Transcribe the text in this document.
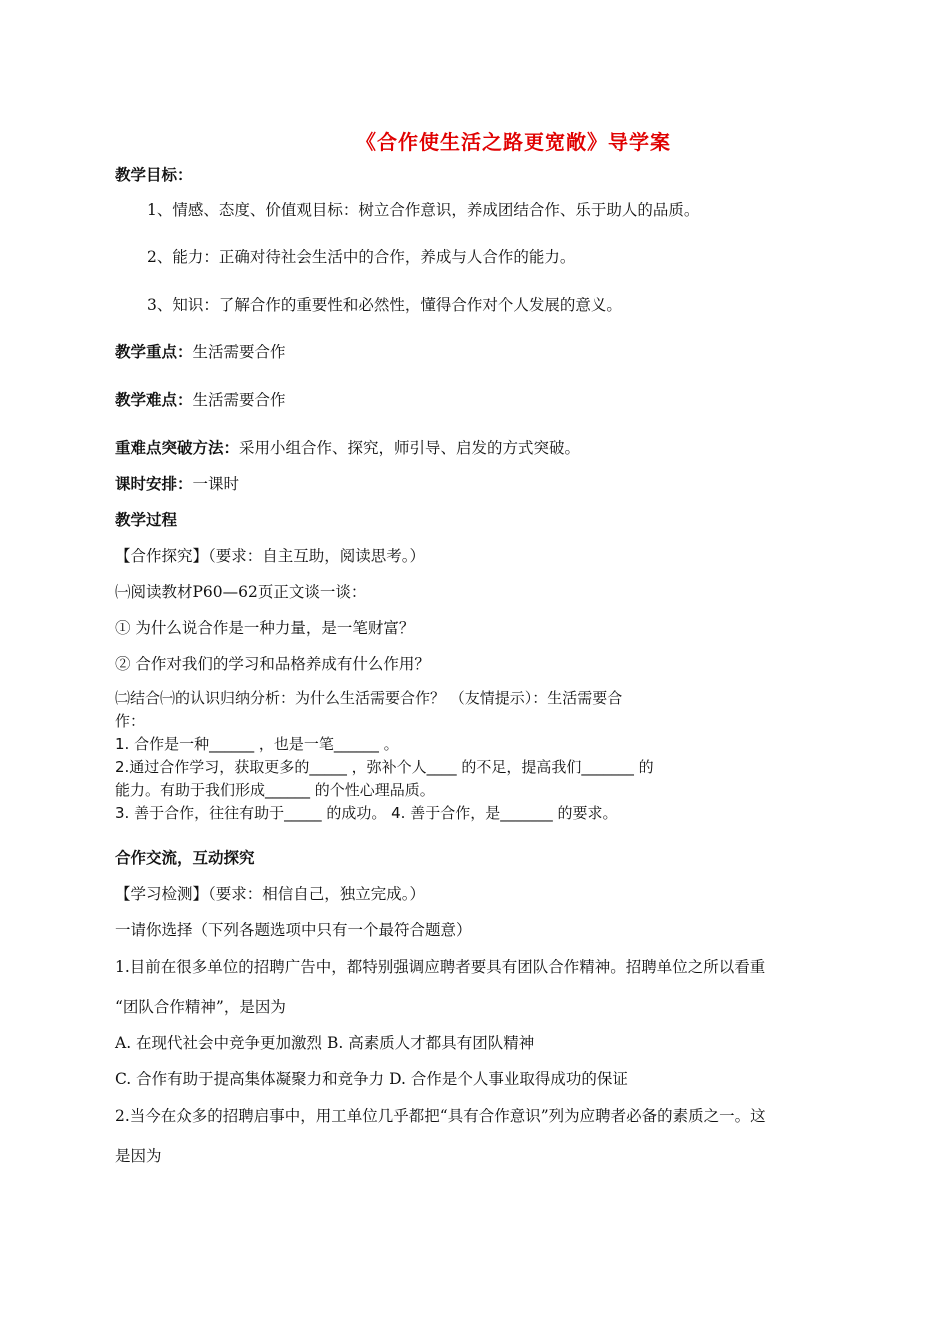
《合作使生活之路更宽敞》导学案
教学目标：
1、情感、态度、价值观目标：树立合作意识，养成团结合作、乐于助人的品质。
2、能力：正确对待社会生活中的合作，养成与人合作的能力。
3、知识：了解合作的重要性和必然性，懂得合作对个人发展的意义。
教学重点：生活需要合作
教学难点：生活需要合作
重难点突破方法：采用小组合作、探究，师引导、启发的方式突破。
课时安排：一课时
教学过程
【合作探究】（要求：自主互助，阅读思考。）
㈠阅读教材P60—62页正文谈一谈：
① 为什么说合作是一种力量，是一笔财富？
② 合作对我们的学习和品格养成有什么作用？
㈡结合㈠的认识归纳分析：为什么生活需要合作？ （友情提示）：生活需要合
作：
1. 合作是一种______ ，也是一笔______ 。
2.通过合作学习，获取更多的_____ ，弥补个人____ 的不足，提高我们_______ 的
能力。有助于我们形成______ 的个性心理品质。
3. 善于合作，往往有助于_____ 的成功。 4. 善于合作，是_______ 的要求。
合作交流，互动探究
【学习检测】（要求：相信自己，独立完成。）
一请你选择（下列各题选项中只有一个最符合题意）
1.目前在很多单位的招聘广告中，都特别强调应聘者要具有团队合作精神。招聘单位之所以看重
“团队合作精神”，是因为
A. 在现代社会中竞争更加激烈 B. 高素质人才都具有团队精神
C. 合作有助于提高集体凝聚力和竞争力 D. 合作是个人事业取得成功的保证
2.当今在众多的招聘启事中，用工单位几乎都把“具有合作意识”列为应聘者必备的素质之一。这
是因为
